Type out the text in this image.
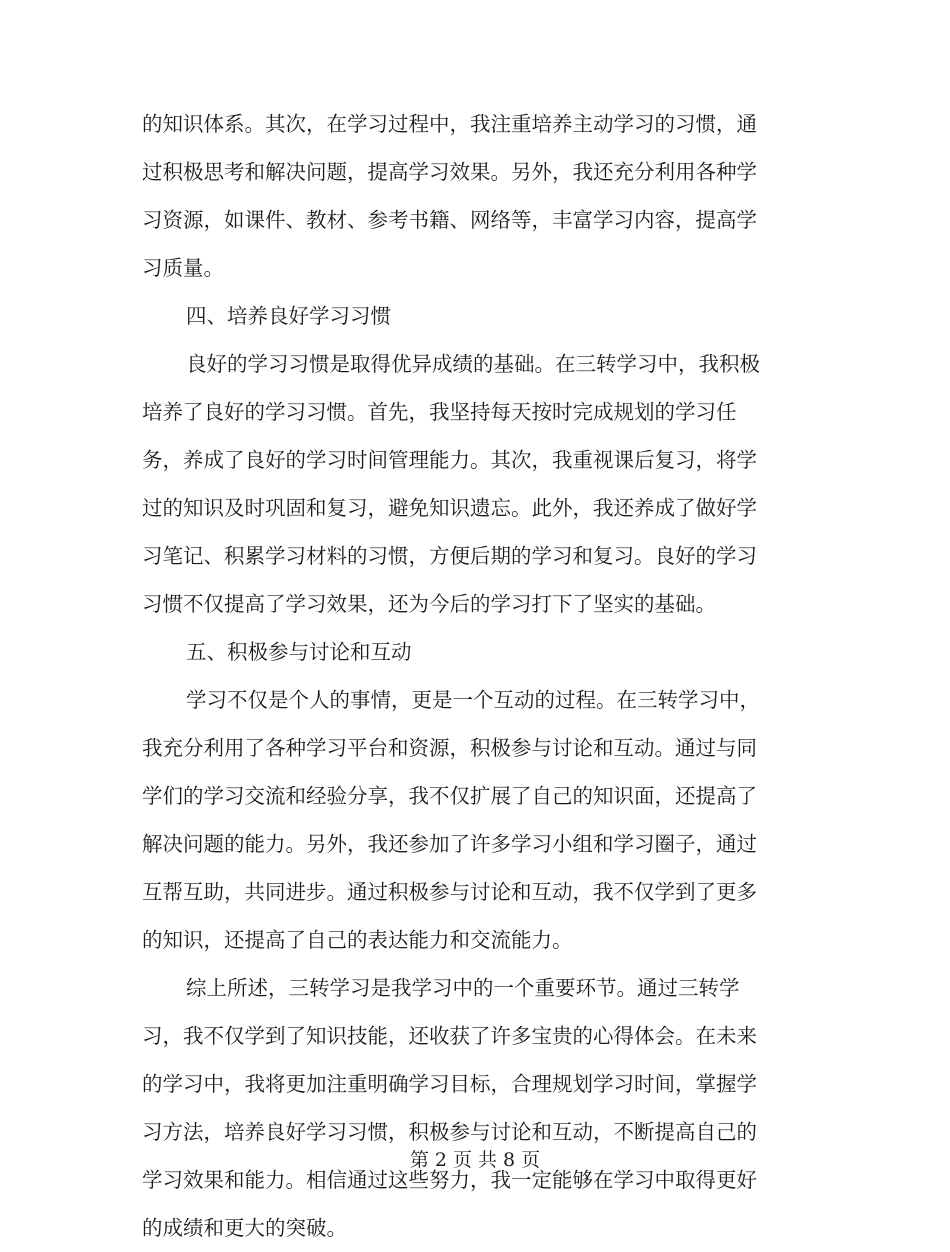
的知识体系。其次，在学习过程中，我注重培养主动学习的习惯，通
过积极思考和解决问题，提高学习效果。另外，我还充分利用各种学
习资源，如课件、教材、参考书籍、网络等，丰富学习内容，提高学
习质量。
四、培养良好学习习惯
良好的学习习惯是取得优异成绩的基础。在三转学习中，我积极
培养了良好的学习习惯。首先，我坚持每天按时完成规划的学习任
务，养成了良好的学习时间管理能力。其次，我重视课后复习，将学
过的知识及时巩固和复习，避免知识遗忘。此外，我还养成了做好学
习笔记、积累学习材料的习惯，方便后期的学习和复习。良好的学习
习惯不仅提高了学习效果，还为今后的学习打下了坚实的基础。
五、积极参与讨论和互动
学习不仅是个人的事情，更是一个互动的过程。在三转学习中，
我充分利用了各种学习平台和资源，积极参与讨论和互动。通过与同
学们的学习交流和经验分享，我不仅扩展了自己的知识面，还提高了
解决问题的能力。另外，我还参加了许多学习小组和学习圈子，通过
互帮互助，共同进步。通过积极参与讨论和互动，我不仅学到了更多
的知识，还提高了自己的表达能力和交流能力。
综上所述，三转学习是我学习中的一个重要环节。通过三转学
习，我不仅学到了知识技能，还收获了许多宝贵的心得体会。在未来
的学习中，我将更加注重明确学习目标，合理规划学习时间，掌握学
习方法，培养良好学习习惯，积极参与讨论和互动，不断提高自己的
学习效果和能力。相信通过这些努力，我一定能够在学习中取得更好
的成绩和更大的突破。
第 2 页 共 8 页
